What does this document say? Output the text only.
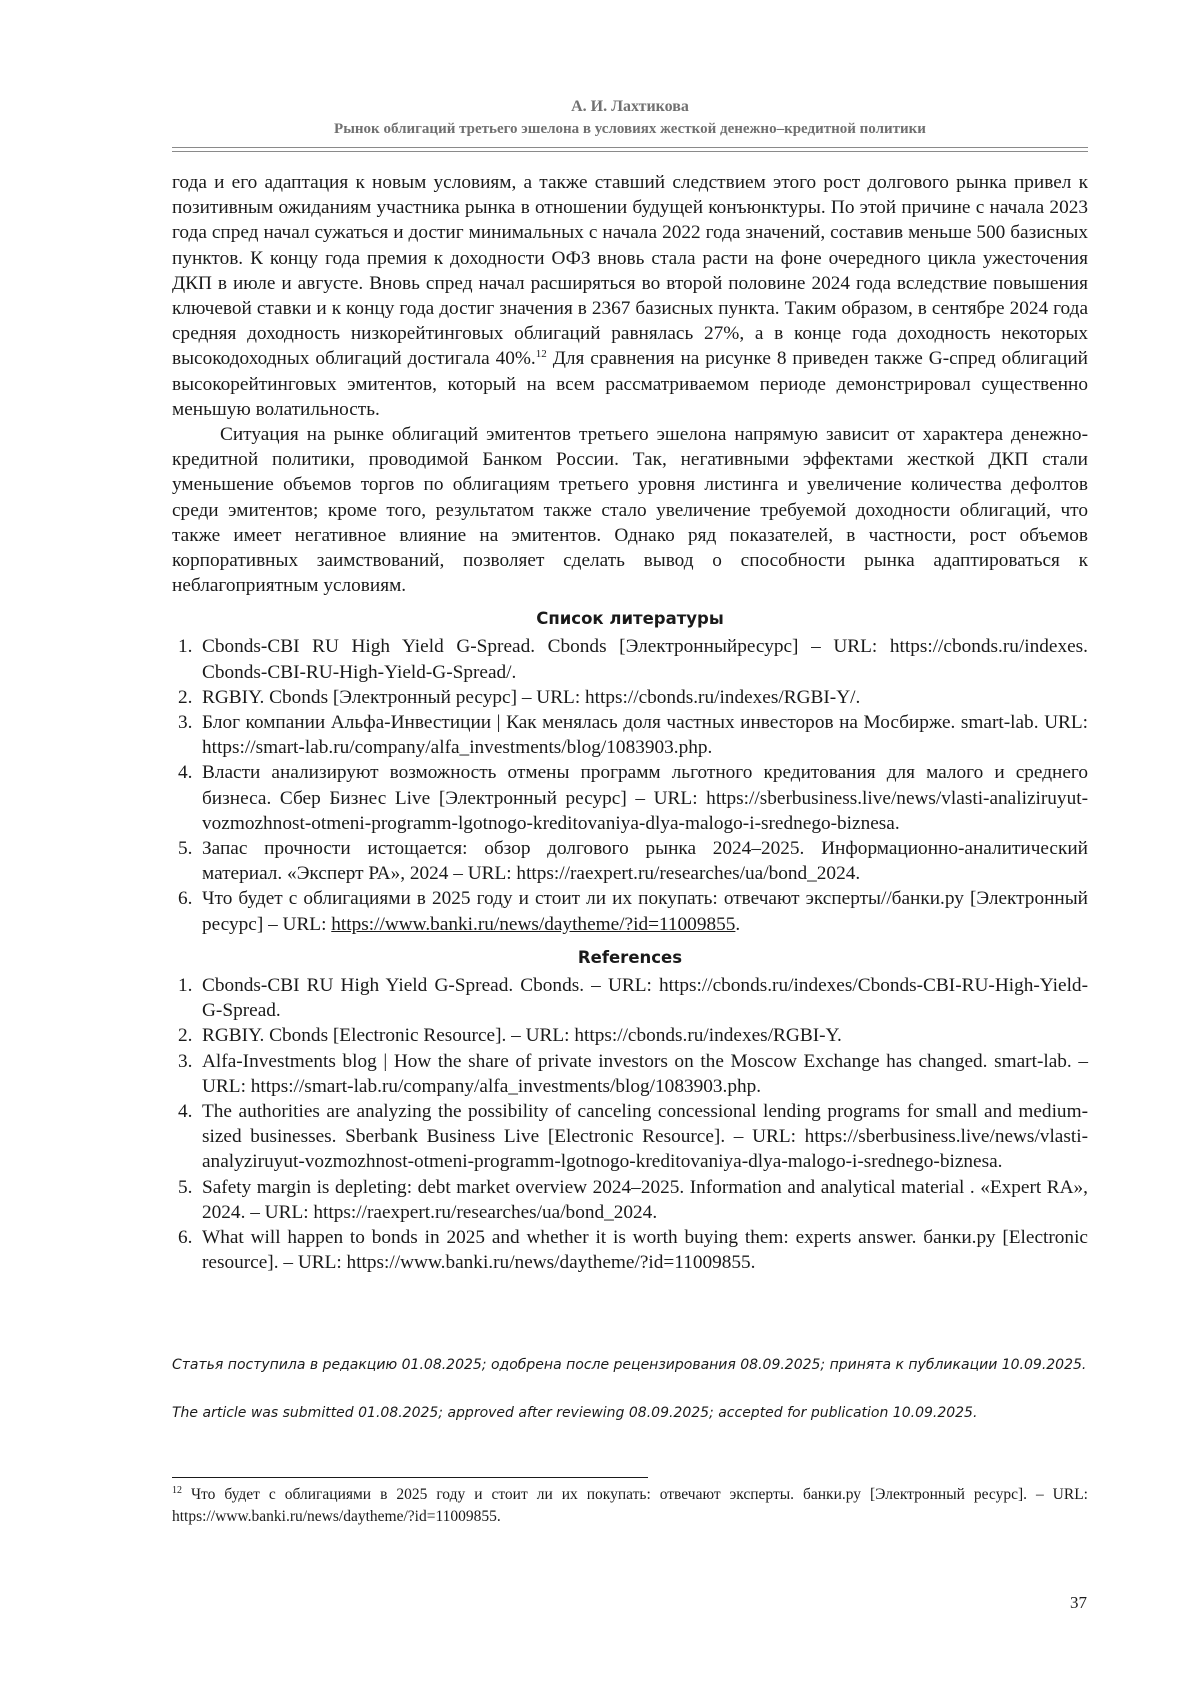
А. И. Лахтикова
Рынок облигаций третьего эшелона в условиях жесткой денежно–кредитной политики

года и его адаптация к новым условиям, а также ставший следствием этого рост долгового рынка привел к позитивным ожиданиям участника рынка в отношении будущей конъюнктуры. По этой причине с начала 2023 года спред начал сужаться и достиг минимальных с начала 2022 года значений, составив меньше 500 базисных пунктов. К концу года премия к доходности ОФЗ вновь стала расти на фоне очередного цикла ужесточения ДКП в июле и августе. Вновь спред начал расширяться во второй половине 2024 года вследствие повышения ключевой ставки и к концу года достиг значения в 2367 базисных пункта. Таким образом, в сентябре 2024 года средняя доходность низкорейтинговых облигаций равнялась 27%, а в конце года доходность некоторых высокодоходных облигаций достигала 40%.$^{12}$ Для сравнения на рисунке 8 приведен также G-спред облигаций высокорейтинговых эмитентов, который на всем рассматриваемом периоде демонстрировал существенно меньшую волатильность.

Ситуация на рынке облигаций эмитентов третьего эшелона напрямую зависит от характера денежно-кредитной политики, проводимой Банком России. Так, негативными эффектами жесткой ДКП стали уменьшение объемов торгов по облигациям третьего уровня листинга и увеличение количества дефолтов среди эмитентов; кроме того, результатом также стало увеличение требуемой доходности облигаций, что также имеет негативное влияние на эмитентов. Однако ряд показателей, в частности, рост объемов корпоративных заимствований, позволяет сделать вывод о способности рынка адаптироваться к неблагоприятным условиям.

Список литературы
1. Cbonds-CBI RU High Yield G-Spread. Cbonds [Электронныйресурс] – URL: https://cbonds.ru/indexes. Cbonds-CBI-RU-High-Yield-G-Spread/.
2. RGBIY. Cbonds [Электронный ресурс] – URL: https://cbonds.ru/indexes/RGBI-Y/.
3. Блог компании Альфа-Инвестиции | Как менялась доля частных инвесторов на Мосбирже. smart-lab. URL: https://smart-lab.ru/company/alfa_investments/blog/1083903.php.
4. Власти анализируют возможность отмены программ льготного кредитования для малого и среднего бизнеса. Сбер Бизнес Live [Электронный ресурс] – URL: https://sberbusiness.live/news/vlasti-analiziruyut-vozmozhnost-otmeni-programm-lgotnogo-kreditovaniya-dlya-malogo-i-srednego-biznesa.
5. Запас прочности истощается: обзор долгового рынка 2024–2025. Информационно-аналитический материал. «Эксперт РА», 2024 – URL: https://raexpert.ru/researches/ua/bond_2024.
6. Что будет с облигациями в 2025 году и стоит ли их покупать: отвечают эксперты//банки.ру [Электронный ресурс] – URL: https://www.banki.ru/news/daytheme/?id=11009855.
References
1. Cbonds-CBI RU High Yield G-Spread. Cbonds. – URL: https://cbonds.ru/indexes/Cbonds-CBI-RU-High-Yield-G-Spread.
2. RGBIY. Cbonds [Electronic Resource]. – URL: https://cbonds.ru/indexes/RGBI-Y.
3. Alfa-Investments blog | How the share of private investors on the Moscow Exchange has changed. smart-lab. – URL: https://smart-lab.ru/company/alfa_investments/blog/1083903.php.
4. The authorities are analyzing the possibility of canceling concessional lending programs for small and medium-sized businesses. Sberbank Business Live [Electronic Resource]. – URL: https://sberbusiness.live/news/vlasti-analyziruyut-vozmozhnost-otmeni-programm-lgotnogo-kreditovaniya-dlya-malogo-i-srednego-biznesa.
5. Safety margin is depleting: debt market overview 2024–2025. Information and analytical material . «Expert RA», 2024. – URL: https://raexpert.ru/researches/ua/bond_2024.
6. What will happen to bonds in 2025 and whether it is worth buying them: experts answer. банки.ру [Electronic resource]. – URL: https://www.banki.ru/news/daytheme/?id=11009855.
Статья поступила в редакцию 01.08.2025; одобрена после рецензирования 08.09.2025; принята к публикации 10.09.2025.
The article was submitted 01.08.2025; approved after reviewing 08.09.2025; accepted for publication 10.09.2025.
$^{12}$ Что будет с облигациями в 2025 году и стоит ли их покупать: отвечают эксперты. банки.ру [Электронный ресурс]. – URL: https://www.banki.ru/news/daytheme/?id=11009855.
37
